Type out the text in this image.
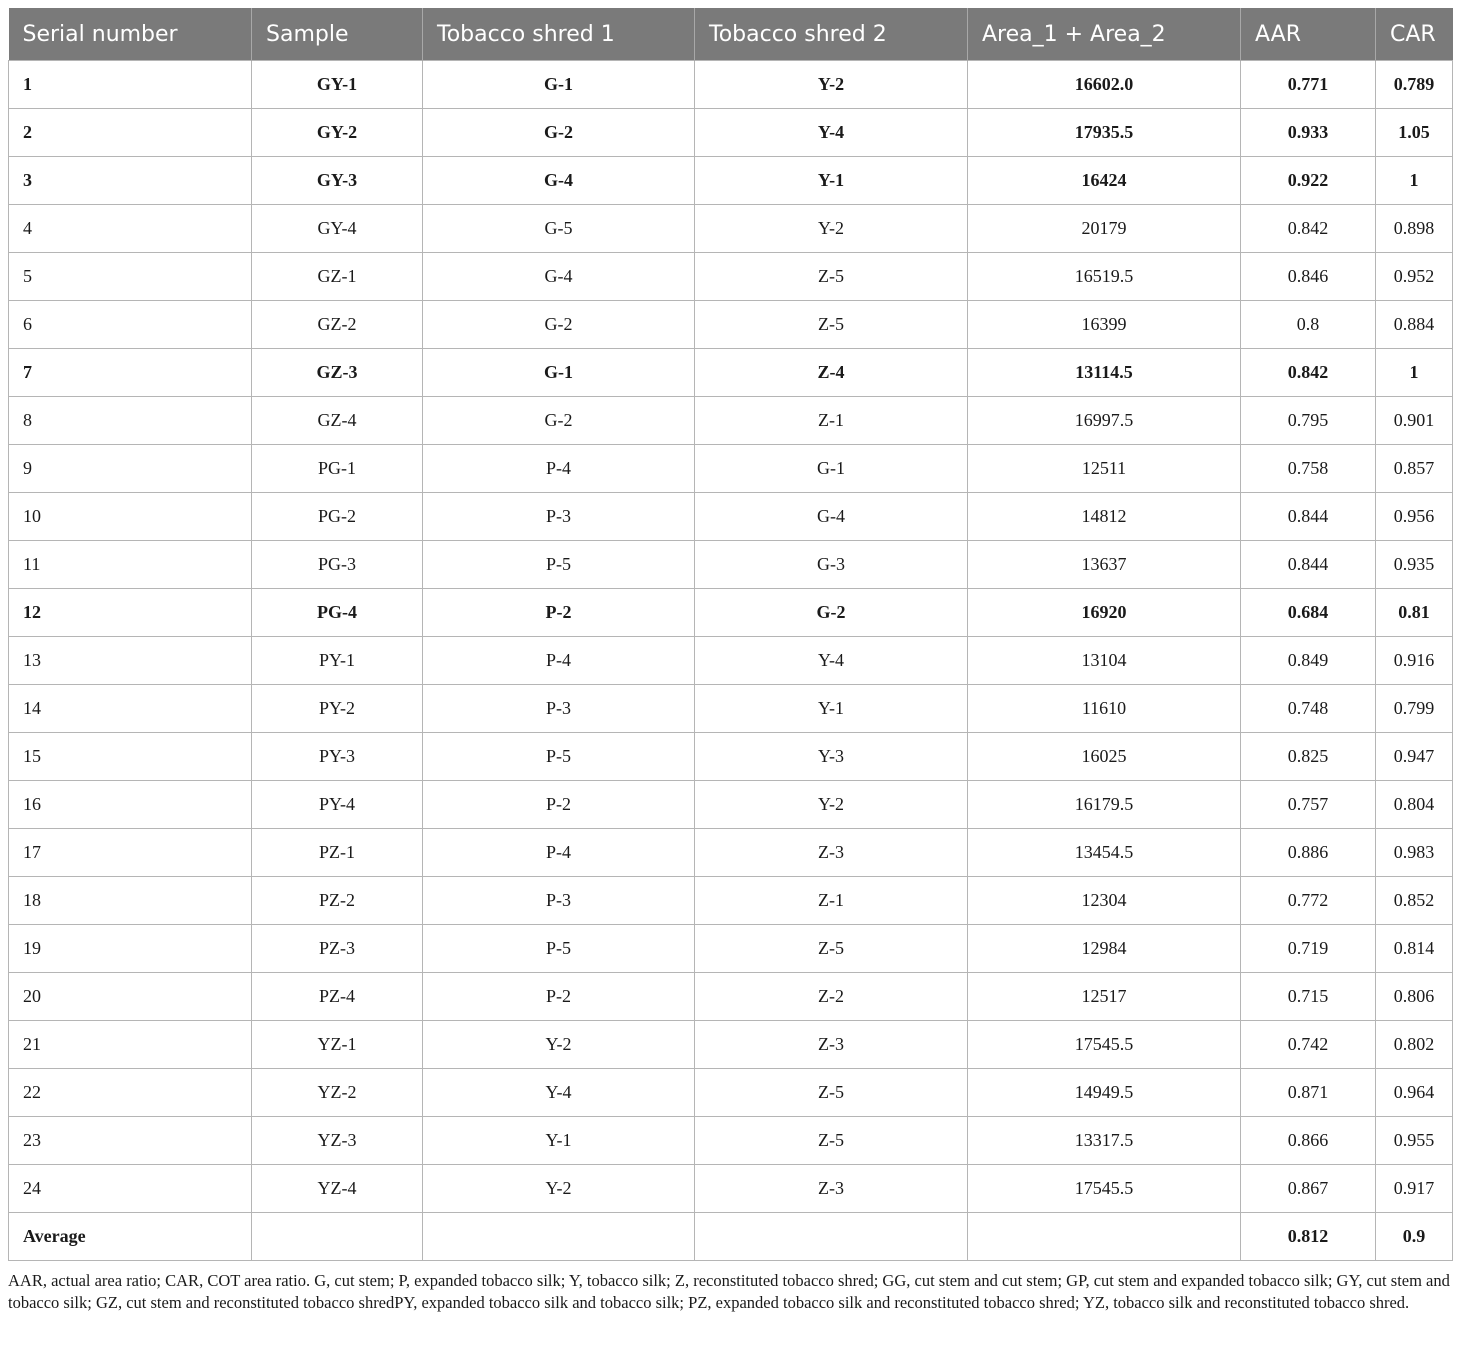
Serial number	Sample	Tobacco shred 1	Tobacco shred 2	Area_1 + Area_2	AAR	CAR
1	GY-1	G-1	Y-2	16602.0	0.771	0.789
2	GY-2	G-2	Y-4	17935.5	0.933	1.05
3	GY-3	G-4	Y-1	16424	0.922	1
4	GY-4	G-5	Y-2	20179	0.842	0.898
5	GZ-1	G-4	Z-5	16519.5	0.846	0.952
6	GZ-2	G-2	Z-5	16399	0.8	0.884
7	GZ-3	G-1	Z-4	13114.5	0.842	1
8	GZ-4	G-2	Z-1	16997.5	0.795	0.901
9	PG-1	P-4	G-1	12511	0.758	0.857
10	PG-2	P-3	G-4	14812	0.844	0.956
11	PG-3	P-5	G-3	13637	0.844	0.935
12	PG-4	P-2	G-2	16920	0.684	0.81
13	PY-1	P-4	Y-4	13104	0.849	0.916
14	PY-2	P-3	Y-1	11610	0.748	0.799
15	PY-3	P-5	Y-3	16025	0.825	0.947
16	PY-4	P-2	Y-2	16179.5	0.757	0.804
17	PZ-1	P-4	Z-3	13454.5	0.886	0.983
18	PZ-2	P-3	Z-1	12304	0.772	0.852
19	PZ-3	P-5	Z-5	12984	0.719	0.814
20	PZ-4	P-2	Z-2	12517	0.715	0.806
21	YZ-1	Y-2	Z-3	17545.5	0.742	0.802
22	YZ-2	Y-4	Z-5	14949.5	0.871	0.964
23	YZ-3	Y-1	Z-5	13317.5	0.866	0.955
24	YZ-4	Y-2	Z-3	17545.5	0.867	0.917
Average					0.812	0.9
AAR, actual area ratio; CAR, COT area ratio. G, cut stem; P, expanded tobacco silk; Y, tobacco silk; Z, reconstituted tobacco shred; GG, cut stem and cut stem; GP, cut stem and expanded tobacco silk; GY, cut stem and tobacco silk; GZ, cut stem and reconstituted tobacco shredPY, expanded tobacco silk and tobacco silk; PZ, expanded tobacco silk and reconstituted tobacco shred; YZ, tobacco silk and reconstituted tobacco shred.
